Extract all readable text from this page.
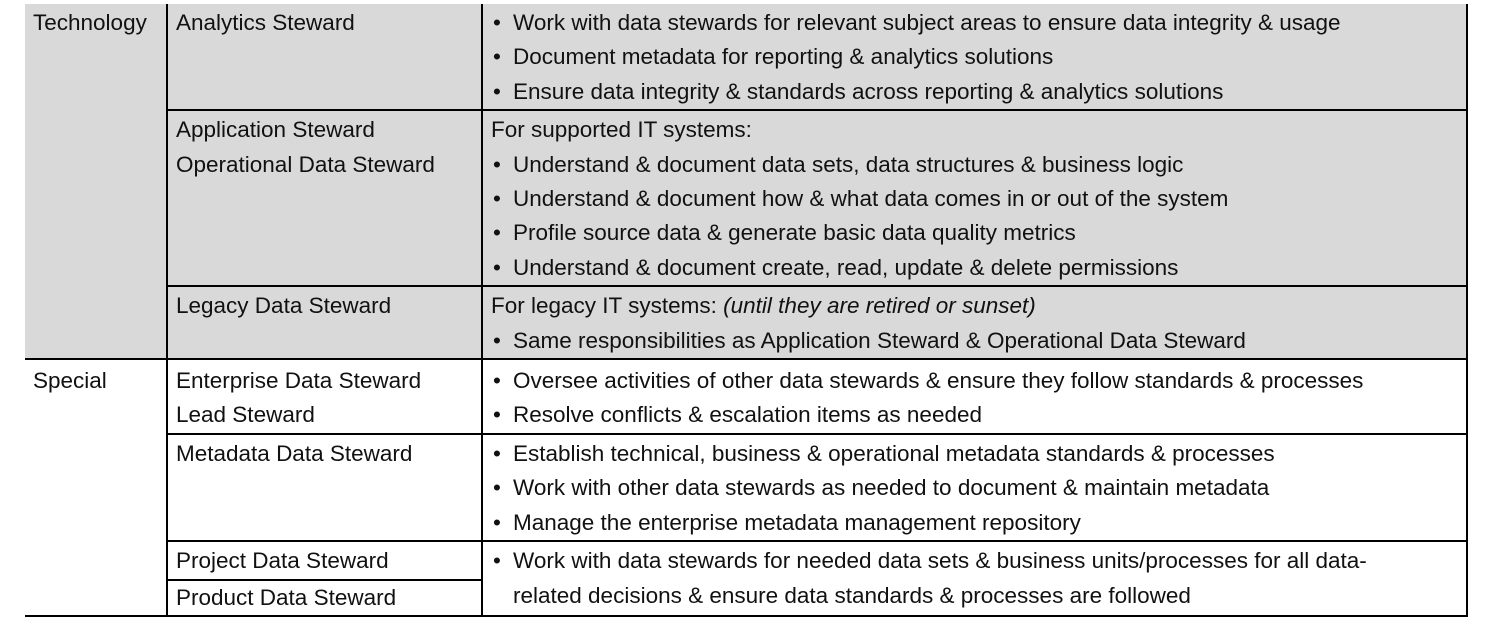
Technology	Analytics Steward	• Work with data stewards for relevant subject areas to ensure data integrity & usage
• Document metadata for reporting & analytics solutions
• Ensure data integrity & standards across reporting & analytics solutions

	Application Steward
Operational Data Steward	For supported IT systems:
• Understand & document data sets, data structures & business logic
• Understand & document how & what data comes in or out of the system
• Profile source data & generate basic data quality metrics
• Understand & document create, read, update & delete permissions

	Legacy Data Steward	For legacy IT systems: (until they are retired or sunset)
• Same responsibilities as Application Steward & Operational Data Steward

Special	Enterprise Data Steward
Lead Steward	• Oversee activities of other data stewards & ensure they follow standards & processes
• Resolve conflicts & escalation items as needed

	Metadata Data Steward	• Establish technical, business & operational metadata standards & processes
• Work with other data stewards as needed to document & maintain metadata
• Manage the enterprise metadata management repository

	Project Data Steward
Product Data Steward	• Work with data stewards for needed data sets & business units/processes for all data-
related decisions & ensure data standards & processes are followed
